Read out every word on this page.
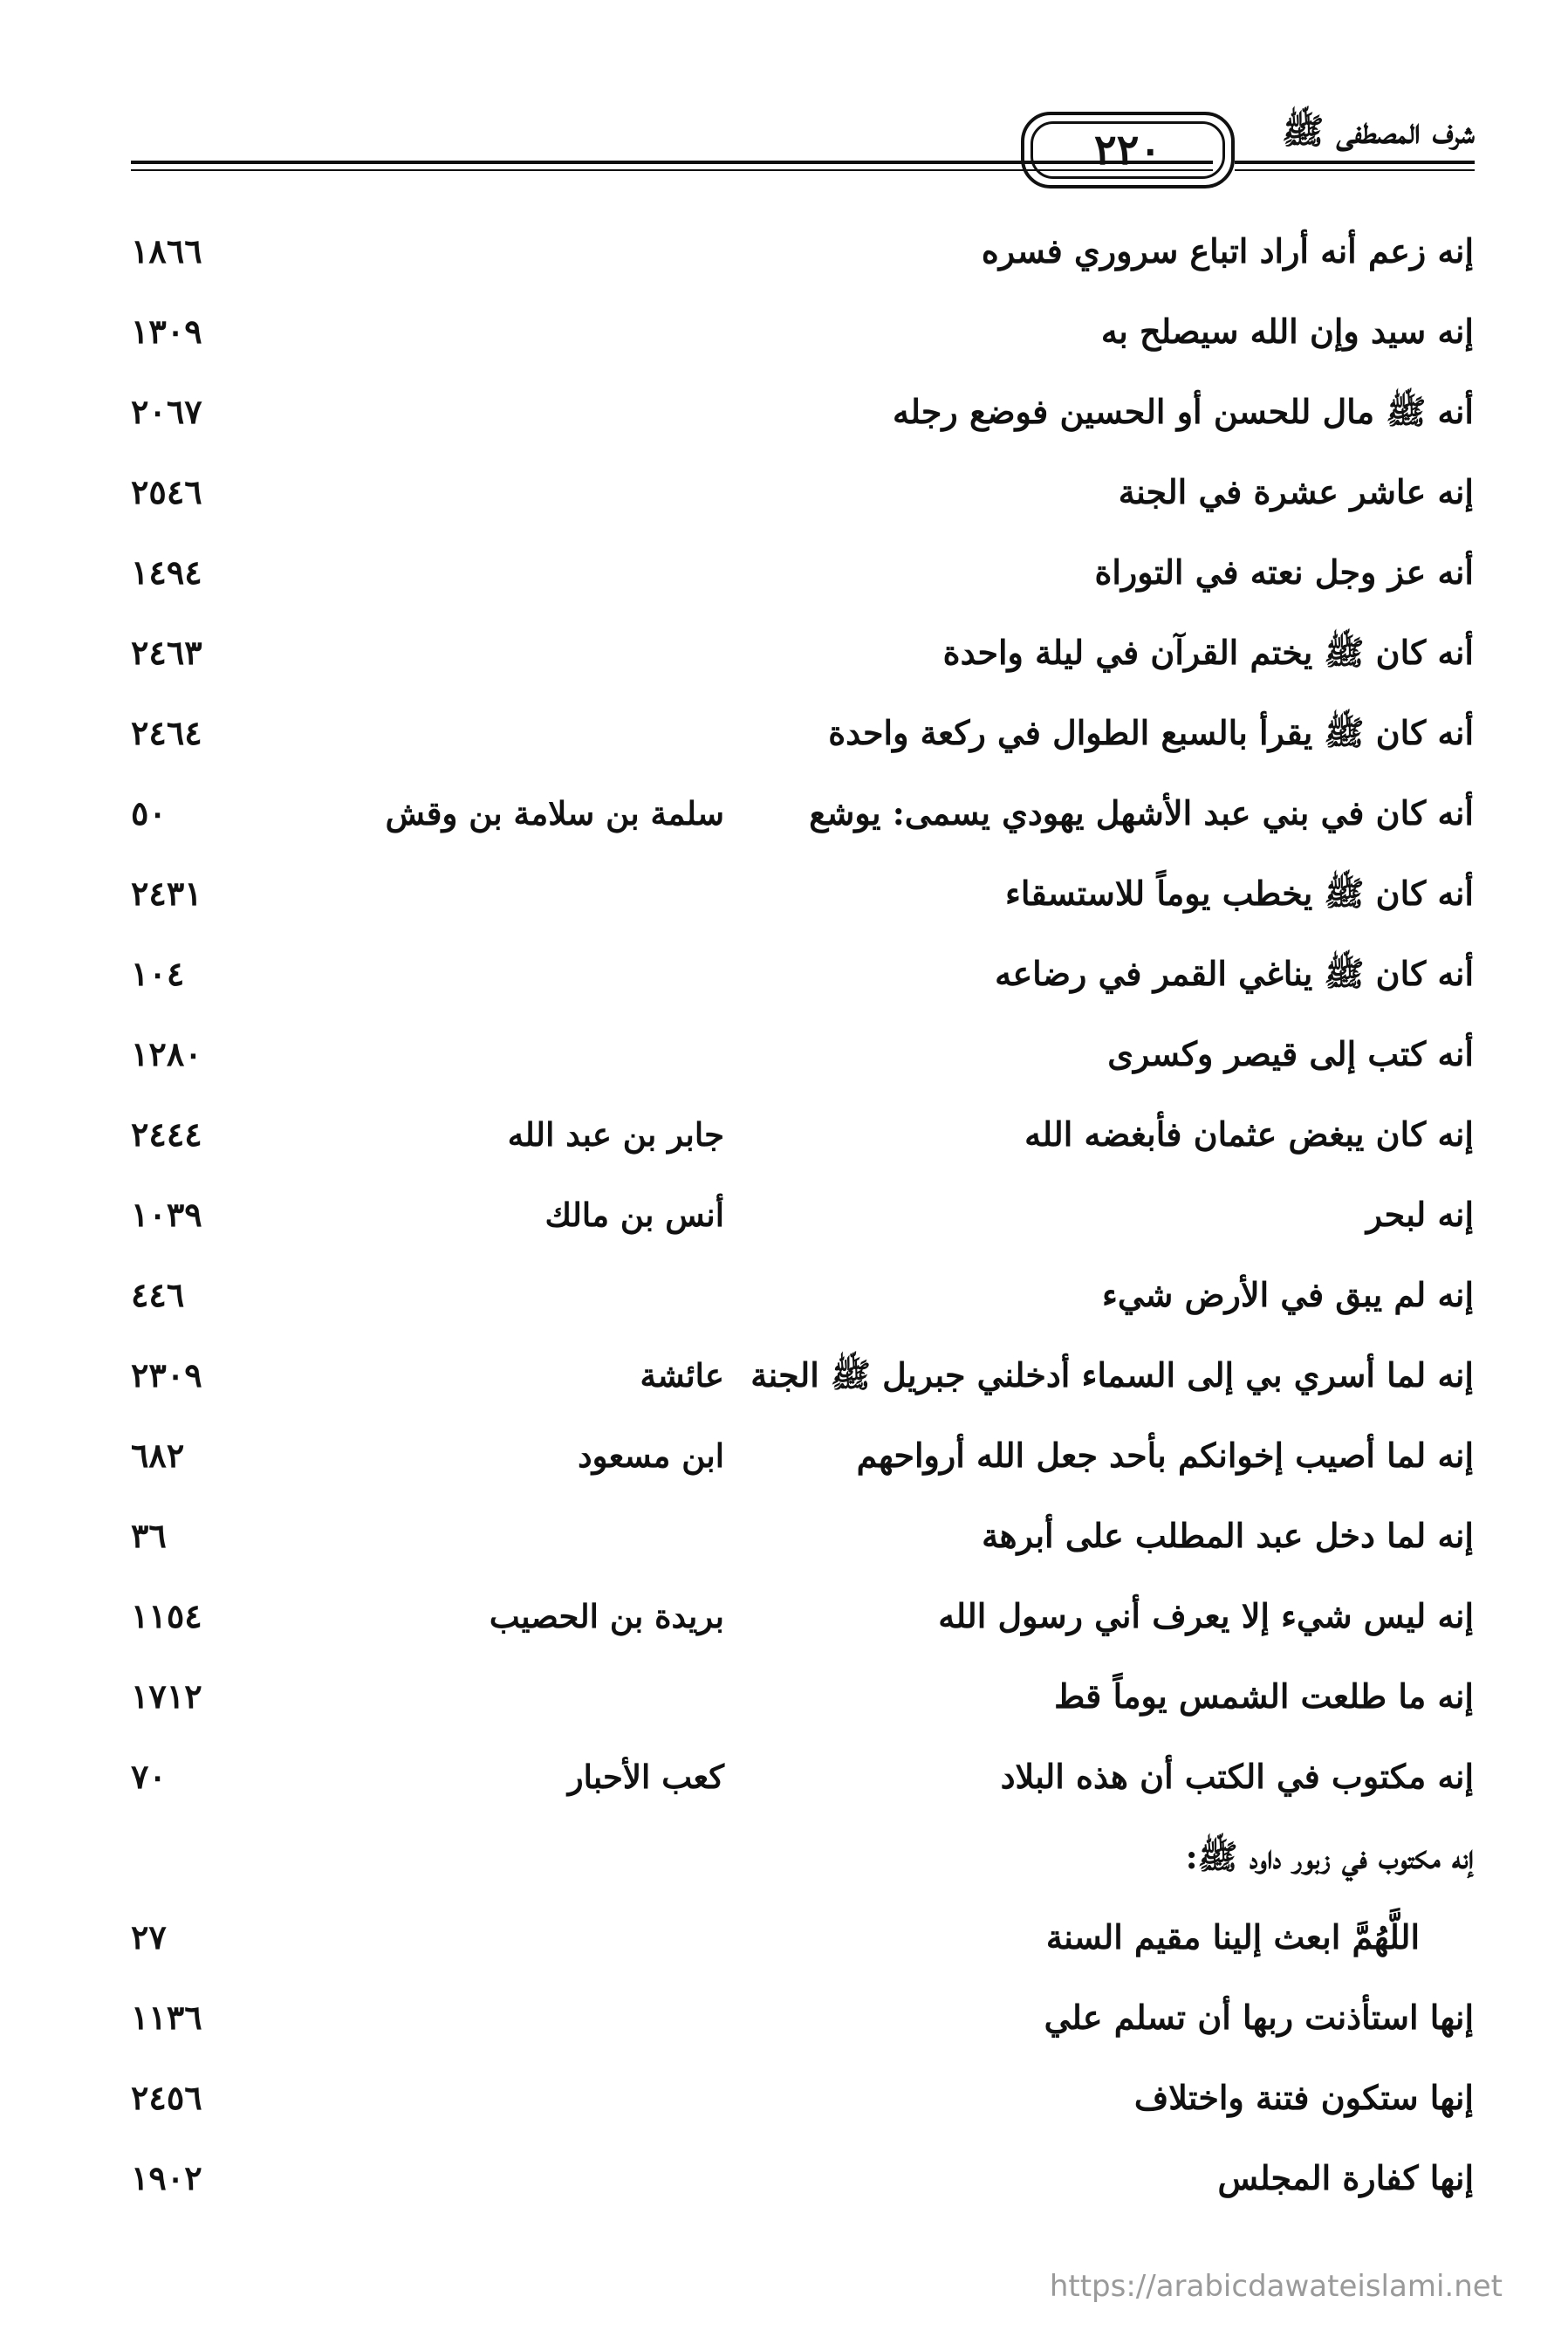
٢٢٠	شرف المصطفى ﷺ
إنه زعم أنه أراد اتباع سروري فسره
١٨٦٦
إنه سيد وإن الله سيصلح به
١٣٠٩
أنه ﷺ مال للحسن أو الحسين فوضع رجله
٢٠٦٧
إنه عاشر عشرة في الجنة
٢٥٤٦
أنه عز وجل نعته في التوراة
١٤٩٤
أنه كان ﷺ يختم القرآن في ليلة واحدة
٢٤٦٣
أنه كان ﷺ يقرأ بالسبع الطوال في ركعة واحدة
٢٤٦٤
أنه كان في بني عبد الأشهل يهودي يسمى: يوشع
سلمة بن سلامة بن وقش
٥٠
أنه كان ﷺ يخطب يوماً للاستسقاء
٢٤٣١
أنه كان ﷺ يناغي القمر في رضاعه
١٠٤
أنه كتب إلى قيصر وكسرى
١٢٨٠
إنه كان يبغض عثمان فأبغضه الله
جابر بن عبد الله
٢٤٤٤
إنه لبحر
أنس بن مالك
١٠٣٩
إنه لم يبق في الأرض شيء
٤٤٦
إنه لما أسري بي إلى السماء أدخلني جبريل ﷺ الجنة
عائشة
٢٣٠٩
إنه لما أصيب إخوانكم بأحد جعل الله أرواحهم
ابن مسعود
٦٨٢
إنه لما دخل عبد المطلب على أبرهة
٣٦
إنه ليس شيء إلا يعرف أني رسول الله
بريدة بن الحصيب
١١٥٤
إنه ما طلعت الشمس يوماً قط
١٧١٢
إنه مكتوب في الكتب أن هذه البلاد
كعب الأحبار
٧٠
إنه مكتوب في زبور داود ﷺ:
اللَّهُمَّ ابعث إلينا مقيم السنة
٢٧
إنها استأذنت ربها أن تسلم علي
١١٣٦
إنها ستكون فتنة واختلاف
٢٤٥٦
إنها كفارة المجلس
١٩٠٢
https://arabicdawateislami.net
